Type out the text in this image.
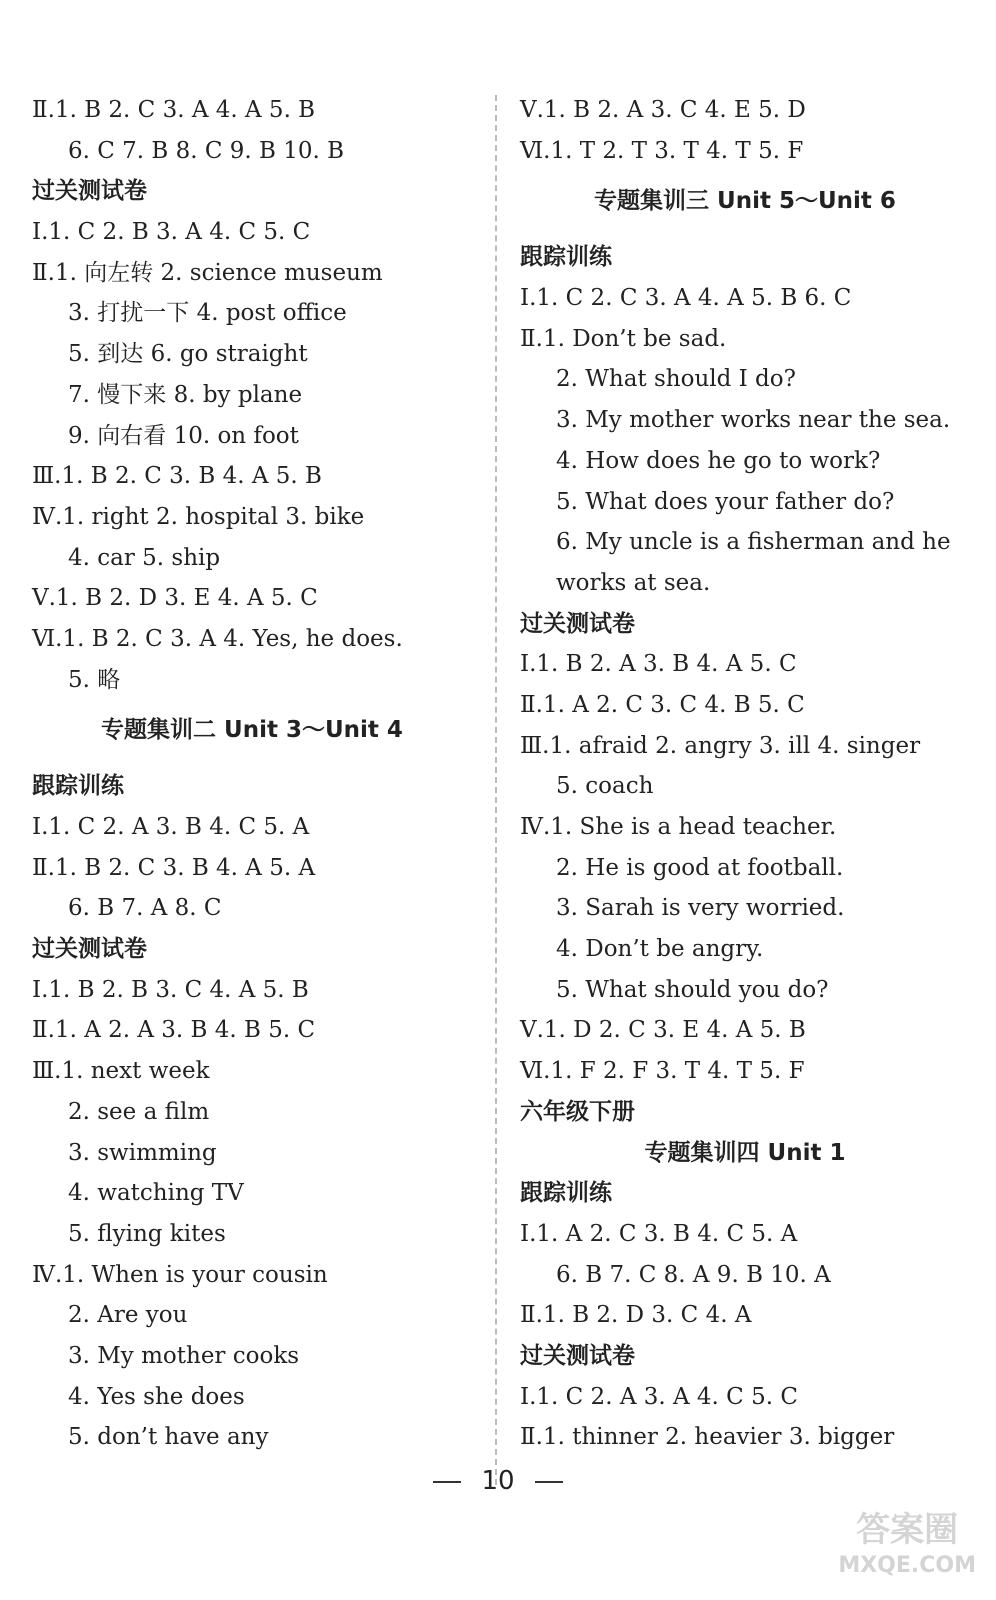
Ⅱ.1. B 2. C 3. A 4. A 5. B
6. C 7. B 8. C 9. B 10. B
过关测试卷
Ⅰ.1. C 2. B 3. A 4. C 5. C
Ⅱ.1. 向左转 2. science museum
3. 打扰一下 4. post office
5. 到达 6. go straight
7. 慢下来 8. by plane
9. 向右看 10. on foot
Ⅲ.1. B 2. C 3. B 4. A 5. B
Ⅳ.1. right 2. hospital 3. bike
4. car 5. ship
Ⅴ.1. B 2. D 3. E 4. A 5. C
Ⅵ.1. B 2. C 3. A 4. Yes, he does.
5. 略
专题集训二 Unit 3～Unit 4
跟踪训练
Ⅰ.1. C 2. A 3. B 4. C 5. A
Ⅱ.1. B 2. C 3. B 4. A 5. A
6. B 7. A 8. C
过关测试卷
Ⅰ.1. B 2. B 3. C 4. A 5. B
Ⅱ.1. A 2. A 3. B 4. B 5. C
Ⅲ.1. next week
2. see a film
3. swimming
4. watching TV
5. flying kites
Ⅳ.1. When is your cousin
2. Are you
3. My mother cooks
4. Yes she does
5. don’t have any
Ⅴ.1. B 2. A 3. C 4. E 5. D
Ⅵ.1. T 2. T 3. T 4. T 5. F
专题集训三 Unit 5～Unit 6
跟踪训练
Ⅰ.1. C 2. C 3. A 4. A 5. B 6. C
Ⅱ.1. Don’t be sad.
2. What should I do?
3. My mother works near the sea.
4. How does he go to work?
5. What does your father do?
6. My uncle is a fisherman and he
works at sea.
过关测试卷
Ⅰ.1. B 2. A 3. B 4. A 5. C
Ⅱ.1. A 2. C 3. C 4. B 5. C
Ⅲ.1. afraid 2. angry 3. ill 4. singer
5. coach
Ⅳ.1. She is a head teacher.
2. He is good at football.
3. Sarah is very worried.
4. Don’t be angry.
5. What should you do?
Ⅴ.1. D 2. C 3. E 4. A 5. B
Ⅵ.1. F 2. F 3. T 4. T 5. F
六年级下册
专题集训四 Unit 1
跟踪训练
Ⅰ.1. A 2. C 3. B 4. C 5. A
6. B 7. C 8. A 9. B 10. A
Ⅱ.1. B 2. D 3. C 4. A
过关测试卷
Ⅰ.1. C 2. A 3. A 4. C 5. C
Ⅱ.1. thinner 2. heavier 3. bigger
10
答案圈
MXQE.COM
